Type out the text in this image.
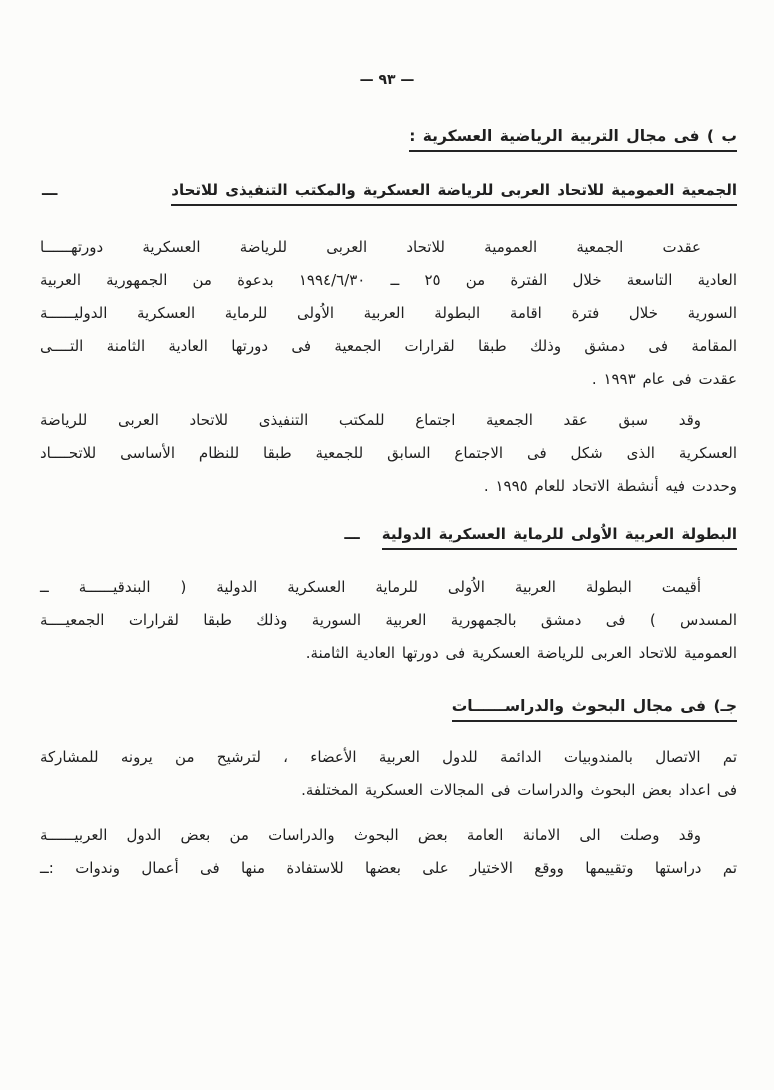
— ٩٣ —
ب ) فى مجال التربية الرياضية العسكرية :
ـــ	الجمعية العمومية للاتحاد العربى للرياضة العسكرية والمكتب التنفيذى للاتحاد
عقدت الجمعية العمومية للاتحاد العربى للرياضة العسكرية دورتهــــــا
العادية التاسعة خلال الفترة من ٢٥ ــ ١٩٩٤/٦/٣٠ بدعوة من الجمهورية العربية
السورية خلال فترة اقامة البطولة العربية الاُولى للرماية العسكرية الدوليــــــة
المقامة فى دمشق وذلك طبقا لقرارات الجمعية فى دورتها العادية الثامنة التــــى
عقدت فى عام ١٩٩٣ .
وقد سبق عقد الجمعية اجتماع للمكتب التنفيذى للاتحاد العربى للرياضة
العسكرية الذى شكل فى الاجتماع السابق للجمعية طبقا للنظام الأساسى للاتحــــاد
وحددت فيه أنشطة الاتحاد للعام ١٩٩٥ .
البطولة العربية الاُولى للرماية العسكرية الدولية
ـــ
أقيمت البطولة العربية الاُولى للرماية العسكرية الدولية ( البندقيــــــة ــ
المسدس ) فى دمشق بالجمهورية العربية السورية وذلك طبقا لقرارات الجمعيــــة
العمومية للاتحاد العربى للرياضة العسكرية فى دورتها العادية الثامنة.
جـ) فى مجال البحوث والدراســــــات
تم الاتصال بالمندوبيات الدائمة للدول العربية الأعضاء ، لترشيح من يرونه للمشاركة
فى اعداد بعض البحوث والدراسات فى المجالات العسكرية المختلفة.
وقد وصلت الى الامانة العامة بعض البحوث والدراسات من بعض الدول العربيــــــة
تم دراستها وتقييمها ووقع الاختيار على بعضها للاستفادة منها فى أعمال وندوات :ــ
